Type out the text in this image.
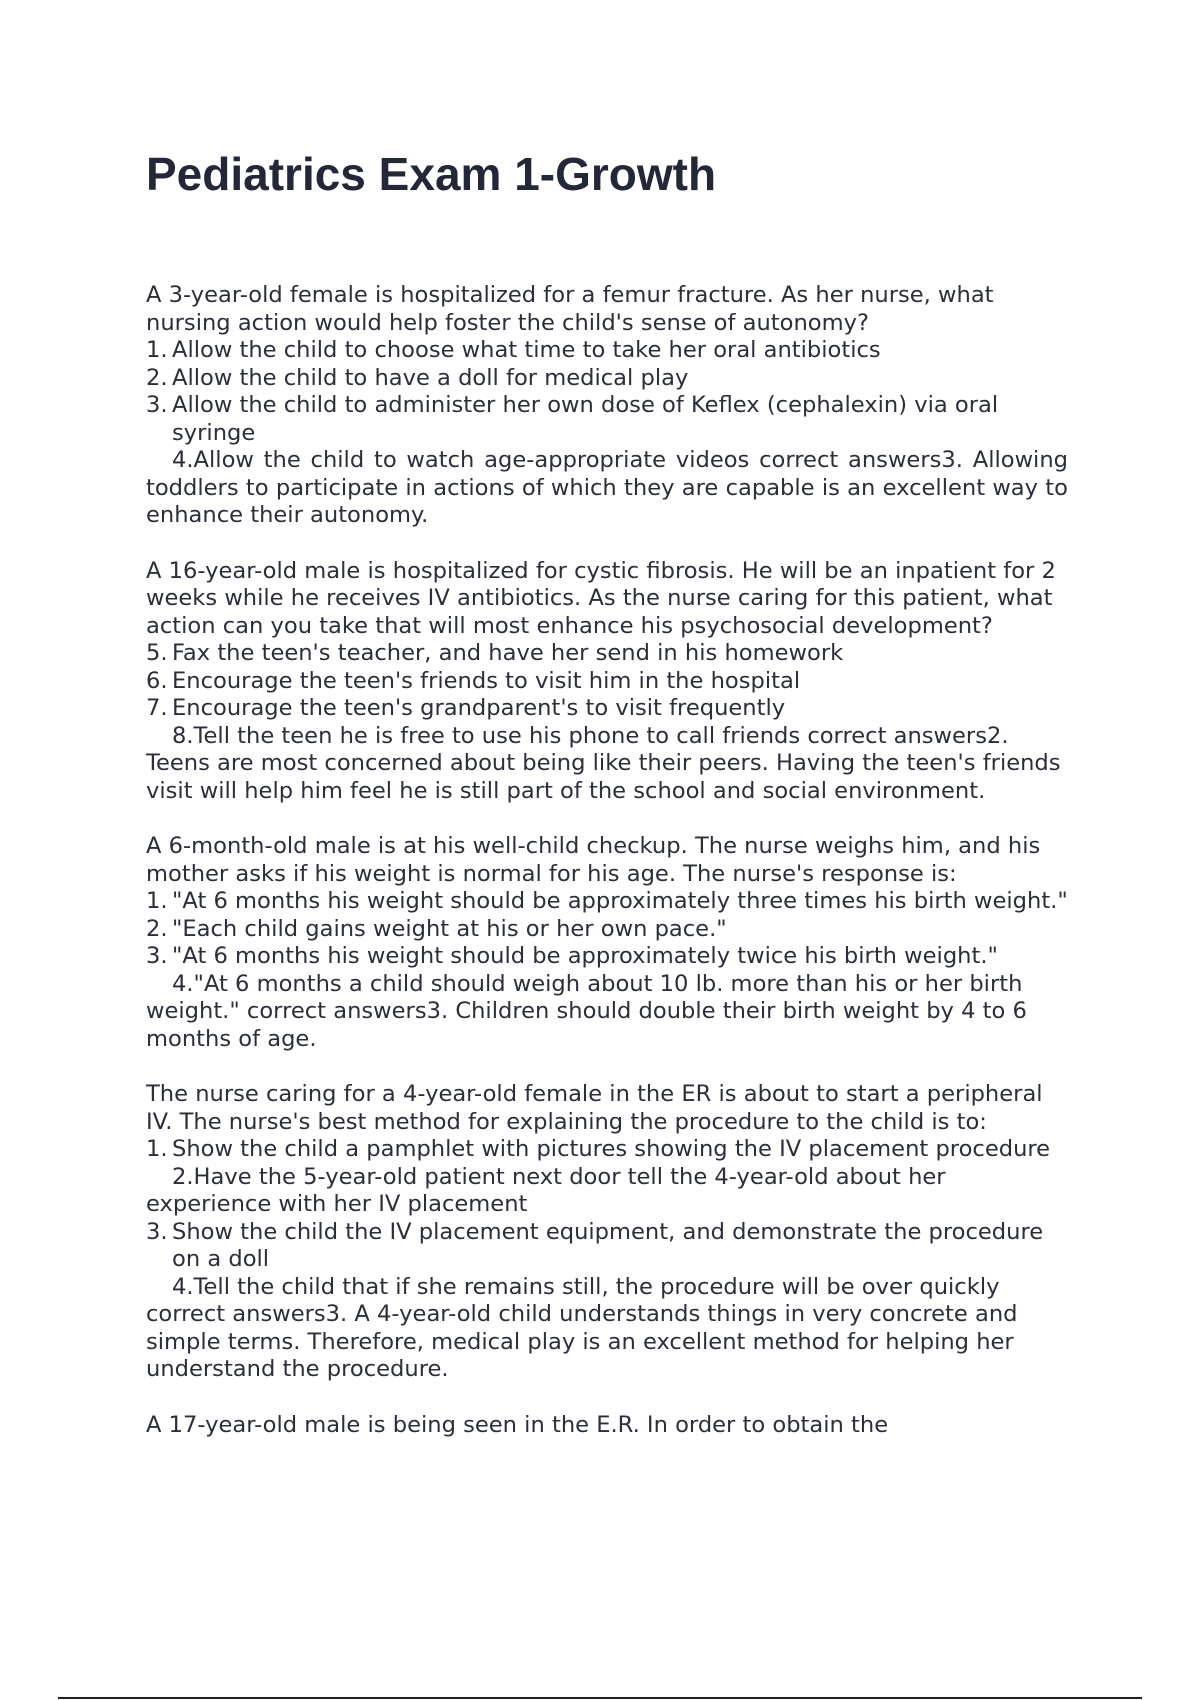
Pediatrics Exam 1-Growth

A 3-year-old female is hospitalized for a femur fracture. As her nurse, what nursing action would help foster the child's sense of autonomy?

1. Allow the child to choose what time to take her oral antibiotics
2. Allow the child to have a doll for medical play
3. Allow the child to administer her own dose of Keflex (cephalexin) via oral syringe

4.Allow the child to watch age-appropriate videos correct answers3. Allowing toddlers to participate in actions of which they are capable is an excellent way to enhance their autonomy.

A 16-year-old male is hospitalized for cystic fibrosis. He will be an inpatient for 2 weeks while he receives IV antibiotics. As the nurse caring for this patient, what action can you take that will most enhance his psychosocial development?

5. Fax the teen's teacher, and have her send in his homework
6. Encourage the teen's friends to visit him in the hospital
7. Encourage the teen's grandparent's to visit frequently

8.Tell the teen he is free to use his phone to call friends correct answers2. Teens are most concerned about being like their peers. Having the teen's friends visit will help him feel he is still part of the school and social environment.

A 6-month-old male is at his well-child checkup. The nurse weighs him, and his mother asks if his weight is normal for his age. The nurse's response is:

1. "At 6 months his weight should be approximately three times his birth weight."
2. "Each child gains weight at his or her own pace."
3. "At 6 months his weight should be approximately twice his birth weight."

4."At 6 months a child should weigh about 10 lb. more than his or her birth weight." correct answers3. Children should double their birth weight by 4 to 6 months of age.

The nurse caring for a 4-year-old female in the ER is about to start a peripheral IV. The nurse's best method for explaining the procedure to the child is to:

1. Show the child a pamphlet with pictures showing the IV placement procedure

2.Have the 5-year-old patient next door tell the 4-year-old about her experience with her IV placement

3. Show the child the IV placement equipment, and demonstrate the procedure on a doll

4.Tell the child that if she remains still, the procedure will be over quickly correct answers3. A 4-year-old child understands things in very concrete and simple terms. Therefore, medical play is an excellent method for helping her understand the procedure.

A 17-year-old male is being seen in the E.R. In order to obtain the
